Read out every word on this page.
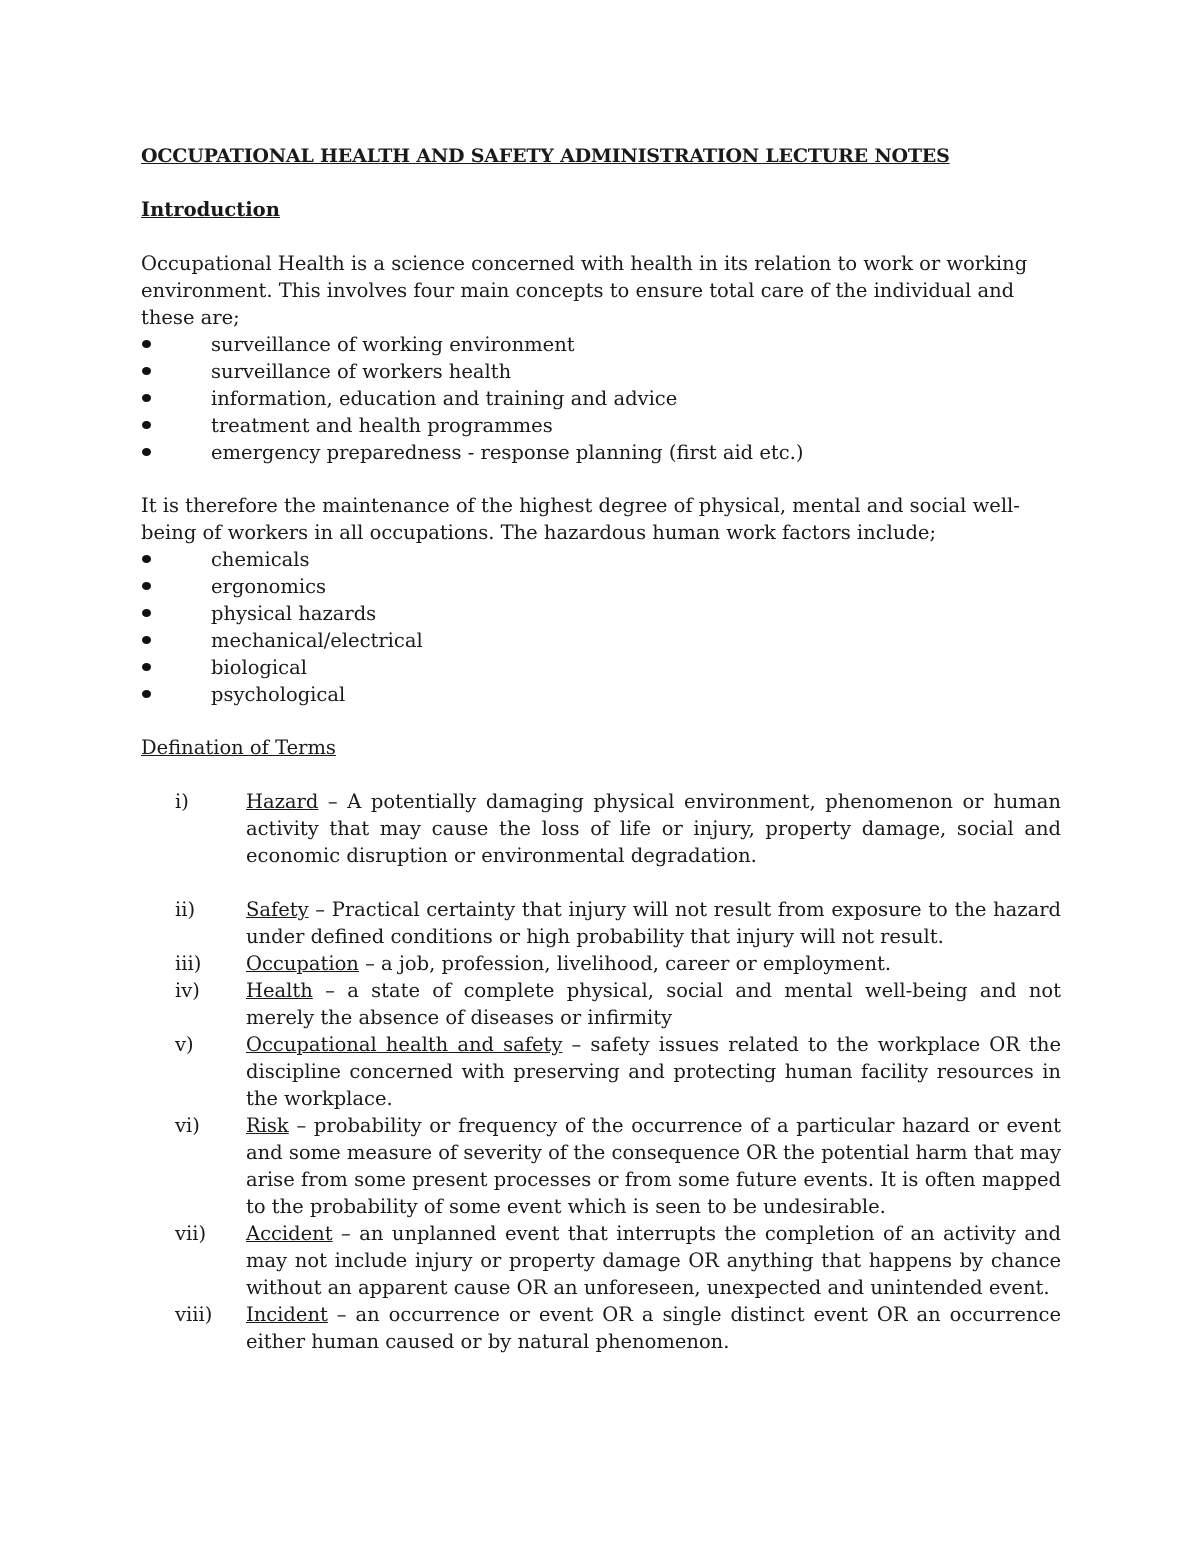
OCCUPATIONAL HEALTH AND SAFETY ADMINISTRATION LECTURE NOTES
Introduction

Occupational Health is a science concerned with health in its relation to work or working environment. This involves four main concepts to ensure total care of the individual and these are;

surveillance of working environment
surveillance of workers health
information, education and training and advice
treatment and health programmes
emergency preparedness - response planning (first aid etc.)

It is therefore the maintenance of the highest degree of physical, mental and social well-being of workers in all occupations. The hazardous human work factors include;

chemicals
ergonomics
physical hazards
mechanical/electrical
biological
psychological

Defination of Terms

i)	Hazard – A potentially damaging physical environment, phenomenon or human activity that may cause the loss of life or injury, property damage, social and economic disruption or environmental degradation.
ii)	Safety – Practical certainty that injury will not result from exposure to the hazard under defined conditions or high probability that injury will not result.
iii)	Occupation – a job, profession, livelihood, career or employment.
iv)	Health – a state of complete physical, social and mental well-being and not merely the absence of diseases or infirmity
v)	Occupational health and safety – safety issues related to the workplace OR the discipline concerned with preserving and protecting human facility resources in the workplace.
vi)	Risk – probability or frequency of the occurrence of a particular hazard or event and some measure of severity of the consequence OR the potential harm that may arise from some present processes or from some future events. It is often mapped to the probability of some event which is seen to be undesirable.
vii)	Accident – an unplanned event that interrupts the completion of an activity and may not include injury or property damage OR anything that happens by chance without an apparent cause OR an unforeseen, unexpected and unintended event.
viii)	Incident – an occurrence or event OR a single distinct event OR an occurrence either human caused or by natural phenomenon.
